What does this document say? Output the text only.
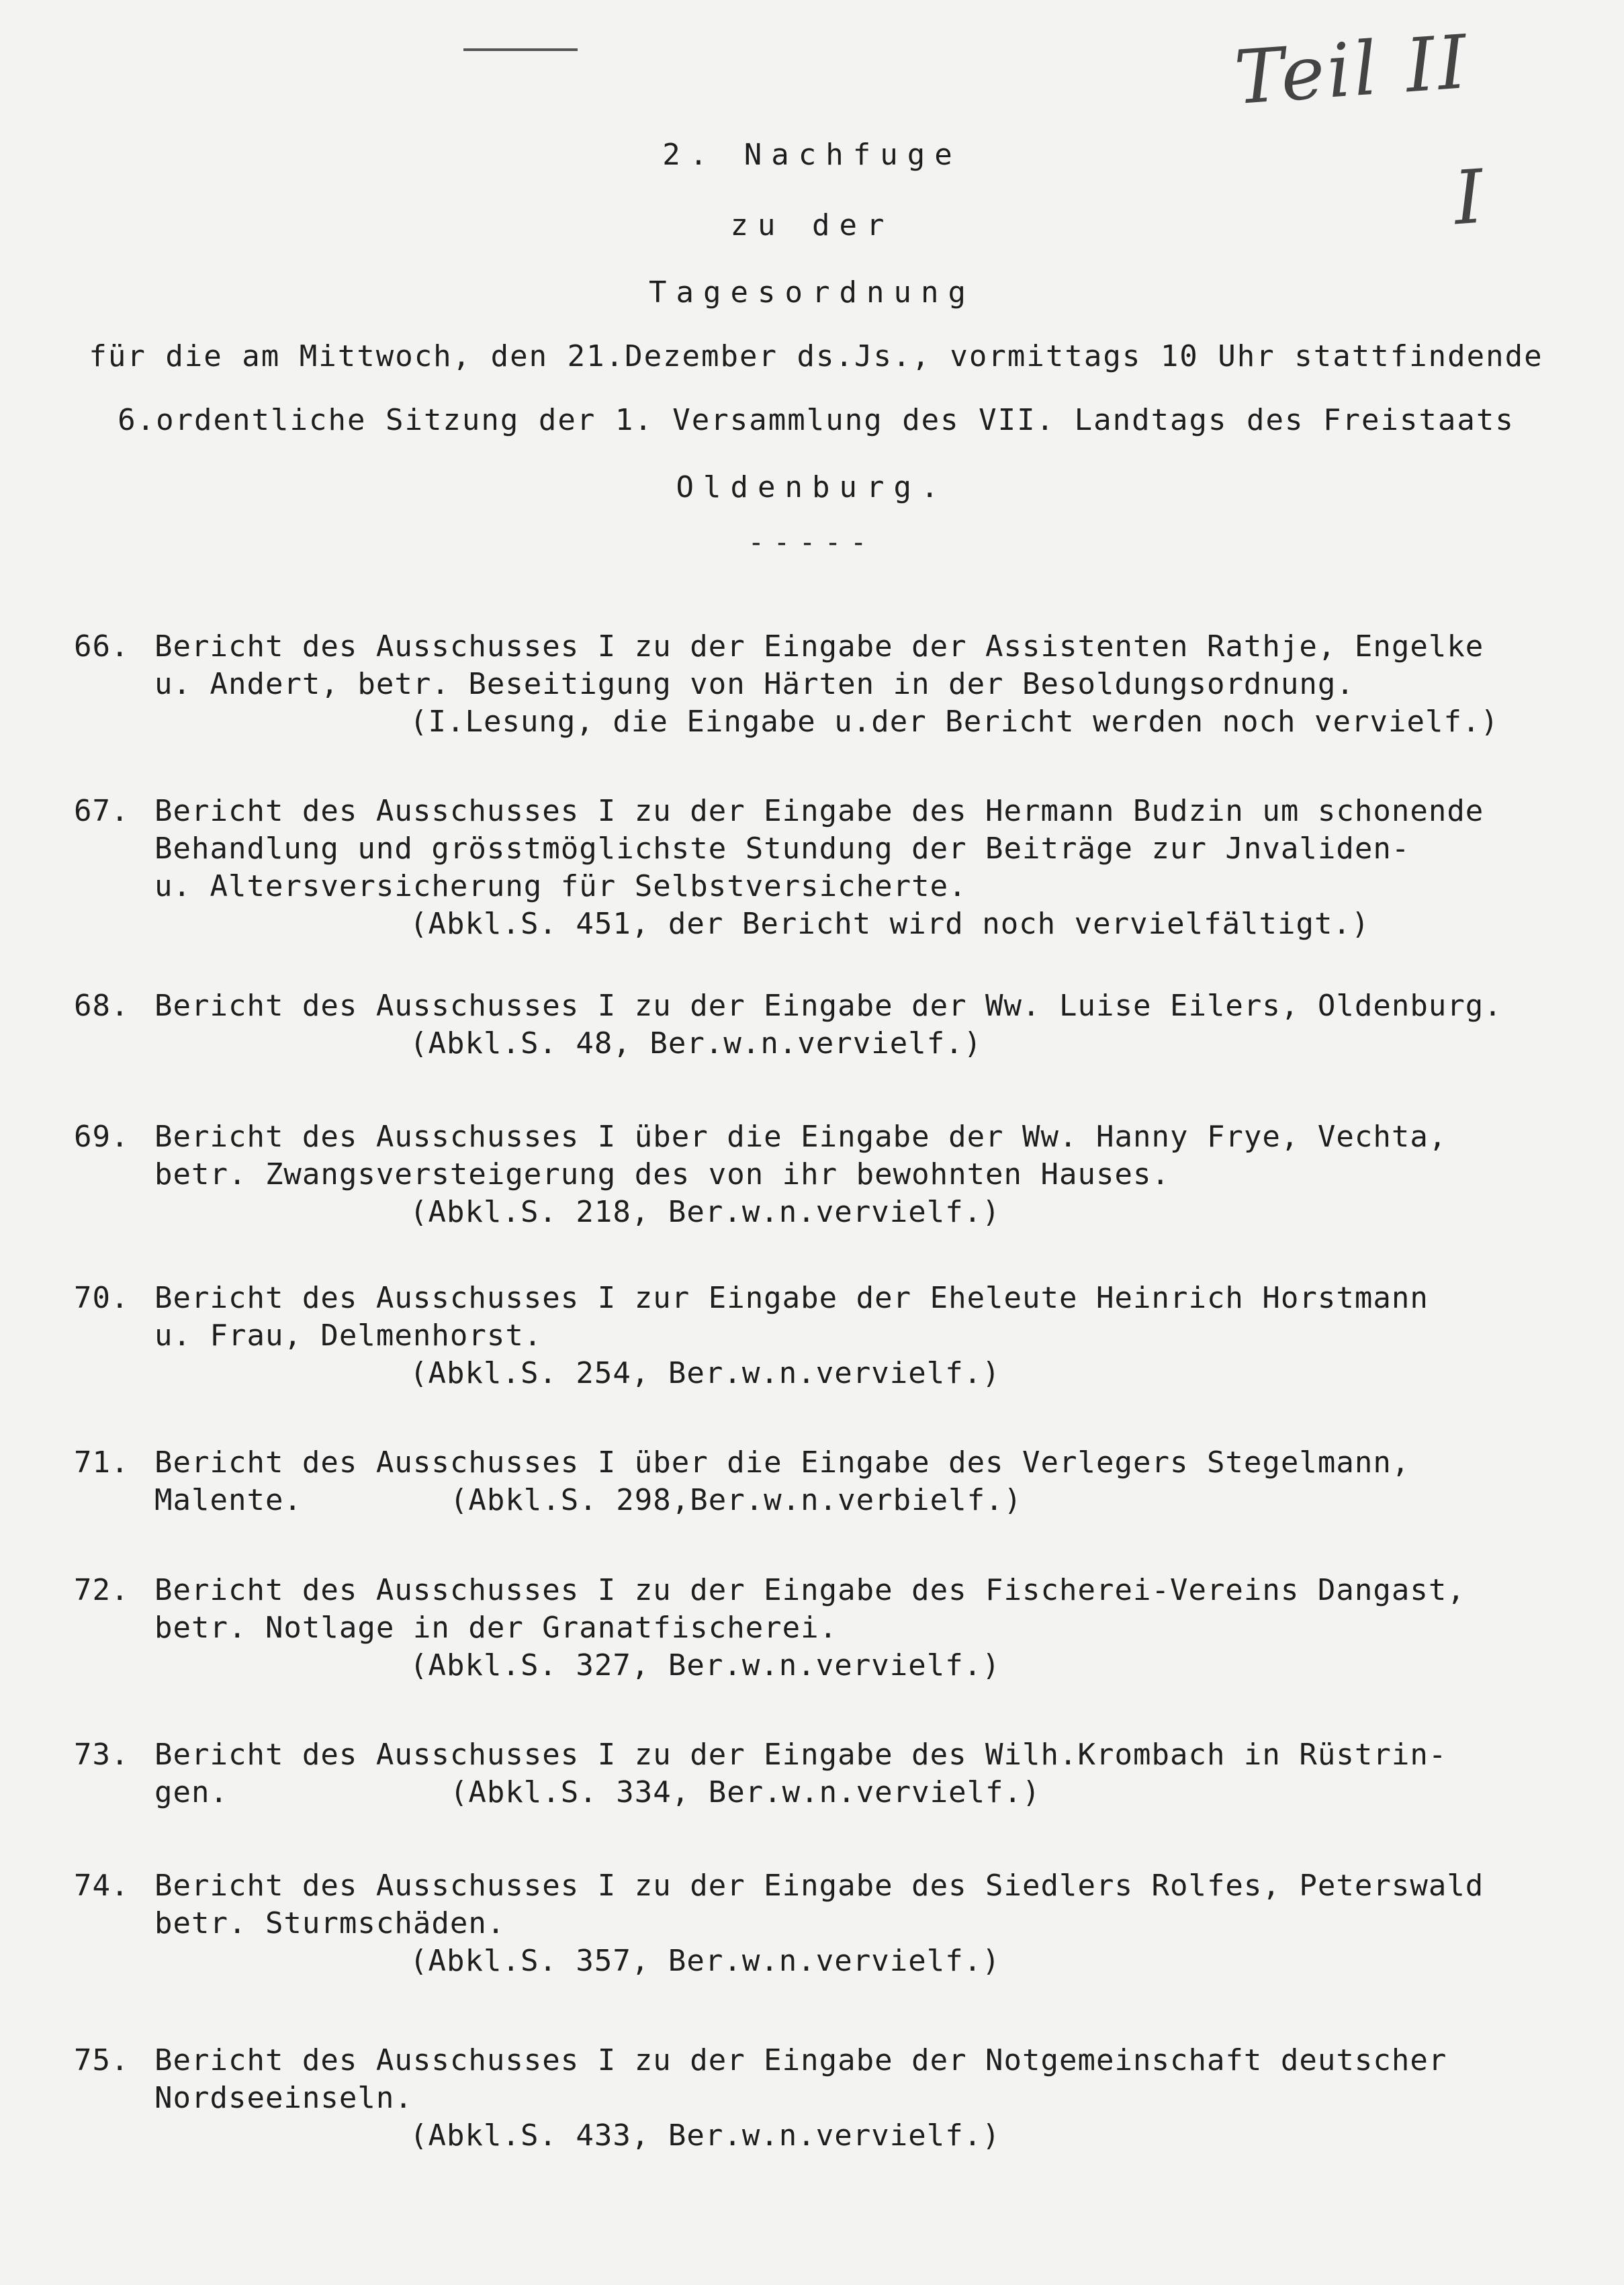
Teil II
I
2. Nachfuge
zu der
Tagesordnung
für die am Mittwoch, den 21.Dezember ds.Js., vormittags 10 Uhr stattfindende
6.ordentliche Sitzung der 1. Versammlung des VII. Landtags des Freistaats
Oldenburg.
-----
66. Bericht des Ausschusses I zu der Eingabe der Assistenten Rathje, Engelke
u. Andert, betr. Beseitigung von Härten in der Besoldungsordnung.
(I.Lesung, die Eingabe u.der Bericht werden noch vervielf.)
67. Bericht des Ausschusses I zu der Eingabe des Hermann Budzin um schonende
Behandlung und grösstmöglichste Stundung der Beiträge zur Jnvaliden-
u. Altersversicherung für Selbstversicherte.
(Abkl.S. 451, der Bericht wird noch vervielfältigt.)
68. Bericht des Ausschusses I zu der Eingabe der Ww. Luise Eilers, Oldenburg.
(Abkl.S. 48, Ber.w.n.vervielf.)
69. Bericht des Ausschusses I über die Eingabe der Ww. Hanny Frye, Vechta,
betr. Zwangsversteigerung des von ihr bewohnten Hauses.
(Abkl.S. 218, Ber.w.n.vervielf.)
70. Bericht des Ausschusses I zur Eingabe der Eheleute Heinrich Horstmann
u. Frau, Delmenhorst.
(Abkl.S. 254, Ber.w.n.vervielf.)
71. Bericht des Ausschusses I über die Eingabe des Verlegers Stegelmann,
Malente.        (Abkl.S. 298,Ber.w.n.verbielf.)
72. Bericht des Ausschusses I zu der Eingabe des Fischerei-Vereins Dangast,
betr. Notlage in der Granatfischerei.
(Abkl.S. 327, Ber.w.n.vervielf.)
73. Bericht des Ausschusses I zu der Eingabe des Wilh.Krombach in Rüstrin-
gen.            (Abkl.S. 334, Ber.w.n.vervielf.)
74. Bericht des Ausschusses I zu der Eingabe des Siedlers Rolfes, Peterswald
betr. Sturmschäden.
(Abkl.S. 357, Ber.w.n.vervielf.)
75. Bericht des Ausschusses I zu der Eingabe der Notgemeinschaft deutscher
Nordseeinseln.
(Abkl.S. 433, Ber.w.n.vervielf.)
